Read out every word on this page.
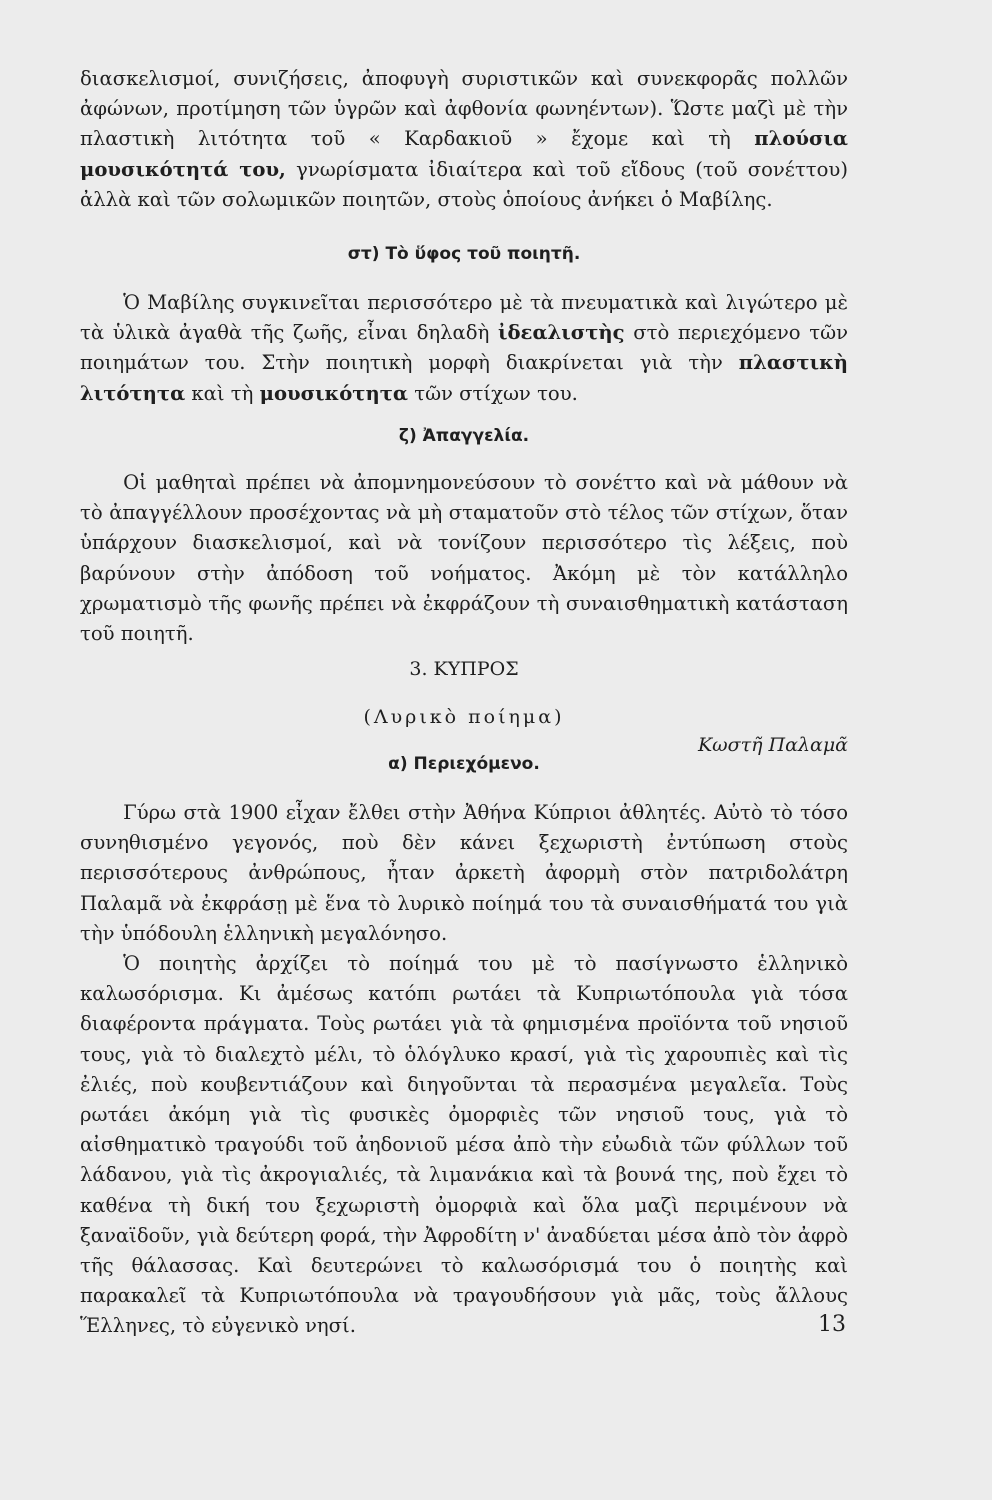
διασκελισμοί, συνιζήσεις, ἀποφυγὴ συριστικῶν καὶ συνεκφορᾶς πολλῶν ἀφώνων, προτίμηση τῶν ὑγρῶν καὶ ἀφθονία φωνηέντων). Ὥστε μαζὶ μὲ τὴν πλαστικὴ λιτότητα τοῦ « Καρδακιοῦ » ἔχομε καὶ τὴ πλούσια μουσικότητά του, γνωρίσματα ἰδιαίτερα καὶ τοῦ εἴδους (τοῦ σονέττου) ἀλλὰ καὶ τῶν σολωμικῶν ποιητῶν, στοὺς ὁποίους ἀνήκει ὁ Μαβίλης.

στ) Τὸ ὕφος τοῦ ποιητῆ.

Ὁ Μαβίλης συγκινεῖται περισσότερο μὲ τὰ πνευματικὰ καὶ λιγώτερο μὲ τὰ ὑλικὰ ἀγαθὰ τῆς ζωῆς, εἶναι δηλαδὴ ἰδεαλιστὴς στὸ περιεχόμενο τῶν ποιημάτων του. Στὴν ποιητικὴ μορφὴ διακρίνεται γιὰ τὴν πλαστικὴ λιτότητα καὶ τὴ μουσικότητα τῶν στίχων του.

ζ) Ἀπαγγελία.

Οἱ μαθηταὶ πρέπει νὰ ἀπομνημονεύσουν τὸ σονέττο καὶ νὰ μάθουν νὰ τὸ ἀπαγγέλλουν προσέχοντας νὰ μὴ σταματοῦν στὸ τέλος τῶν στίχων, ὅταν ὑπάρχουν διασκελισμοί, καὶ νὰ τονίζουν περισσότερο τὶς λέξεις, ποὺ βαρύνουν στὴν ἀπόδοση τοῦ νοήματος. Ἀκόμη μὲ τὸν κατάλληλο χρωματισμὸ τῆς φωνῆς πρέπει νὰ ἐκφράζουν τὴ συναισθηματικὴ κατάσταση τοῦ ποιητῆ.

3. ΚΥΠΡΟΣ
(Λυρικὸ ποίημα)
Κωστῆ Παλαμᾶ
α) Περιεχόμενο.

Γύρω στὰ 1900 εἶχαν ἔλθει στὴν Ἀθήνα Κύπριοι ἀθλητές. Αὐτὸ τὸ τόσο συνηθισμένο γεγονός, ποὺ δὲν κάνει ξεχωριστὴ ἐντύπωση στοὺς περισσότερους ἀνθρώπους, ἦταν ἀρκετὴ ἀφορμὴ στὸν πατριδολάτρη Παλαμᾶ νὰ ἐκφράσῃ μὲ ἕνα τὸ λυρικὸ ποίημά του τὰ συναισθήματά του γιὰ τὴν ὑπόδουλη ἑλληνικὴ μεγαλόνησο.

Ὁ ποιητὴς ἀρχίζει τὸ ποίημά του μὲ τὸ πασίγνωστο ἑλληνικὸ καλωσόρισμα. Κι ἀμέσως κατόπι ρωτάει τὰ Κυπριωτόπουλα γιὰ τόσα διαφέροντα πράγματα. Τοὺς ρωτάει γιὰ τὰ φημισμένα προϊόντα τοῦ νησιοῦ τους, γιὰ τὸ διαλεχτὸ μέλι, τὸ ὁλόγλυκο κρασί, γιὰ τὶς χαρουπιὲς καὶ τὶς ἐλιές, ποὺ κουβεντιάζουν καὶ διηγοῦνται τὰ περασμένα μεγαλεῖα. Τοὺς ρωτάει ἀκόμη γιὰ τὶς φυσικὲς ὀμορφιὲς τῶν νησιοῦ τους, γιὰ τὸ αἰσθηματικὸ τραγούδι τοῦ ἀηδονιοῦ μέσα ἀπὸ τὴν εὐωδιὰ τῶν φύλλων τοῦ λάδανου, γιὰ τὶς ἀκρογιαλιές, τὰ λιμανάκια καὶ τὰ βουνά της, ποὺ ἔχει τὸ καθένα τὴ δική του ξεχωριστὴ ὀμορφιὰ καὶ ὅλα μαζὶ περιμένουν νὰ ξαναϊδοῦν, γιὰ δεύτερη φορά, τὴν Ἀφροδίτη ν' ἀναδύεται μέσα ἀπὸ τὸν ἀφρὸ τῆς θάλασσας. Καὶ δευτερώνει τὸ καλωσόρισμά του ὁ ποιητὴς καὶ παρακαλεῖ τὰ Κυπριωτόπουλα νὰ τραγουδήσουν γιὰ μᾶς, τοὺς ἄλλους Ἕλληνες, τὸ εὐγενικὸ νησί.	13
